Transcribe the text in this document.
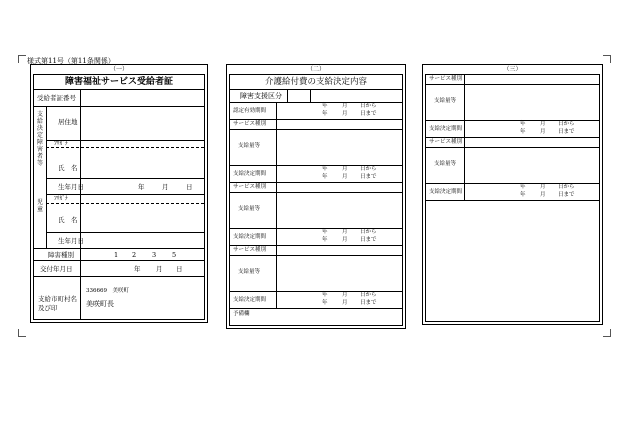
様式第11号（第11条関係）
（一）
障害福祉サービス受給者証
受給者証番号
支給決定障害者等
居住地
ﾌﾘｶﾞﾅ
氏　名
生年月日	年	月	日
児　童
ﾌﾘｶﾞﾅ
氏　名
生年月日
障害種別	1 2 3 5
交付年月日	年 月 日
支給市町村名及び印
336669　美咲町
美咲町長
（二）
介護給付費の支給決定内容
障害支援区分
認定有効期間
年	月 日から
年	月 日まで
サービス種別
支給量等
支給決定期間
年	月 日から
年	月 日まで
サービス種別
支給量等
支給決定期間
年	月 日から
年	月 日まで
サービス種別
支給量等
支給決定期間
年	月 日から
年	月 日まで
予備欄
（三）
サービス種別
支給量等
支給決定期間
年	月 日から
年	月 日まで
サービス種別
支給量等
支給決定期間
年	月 日から
年	月 日まで
